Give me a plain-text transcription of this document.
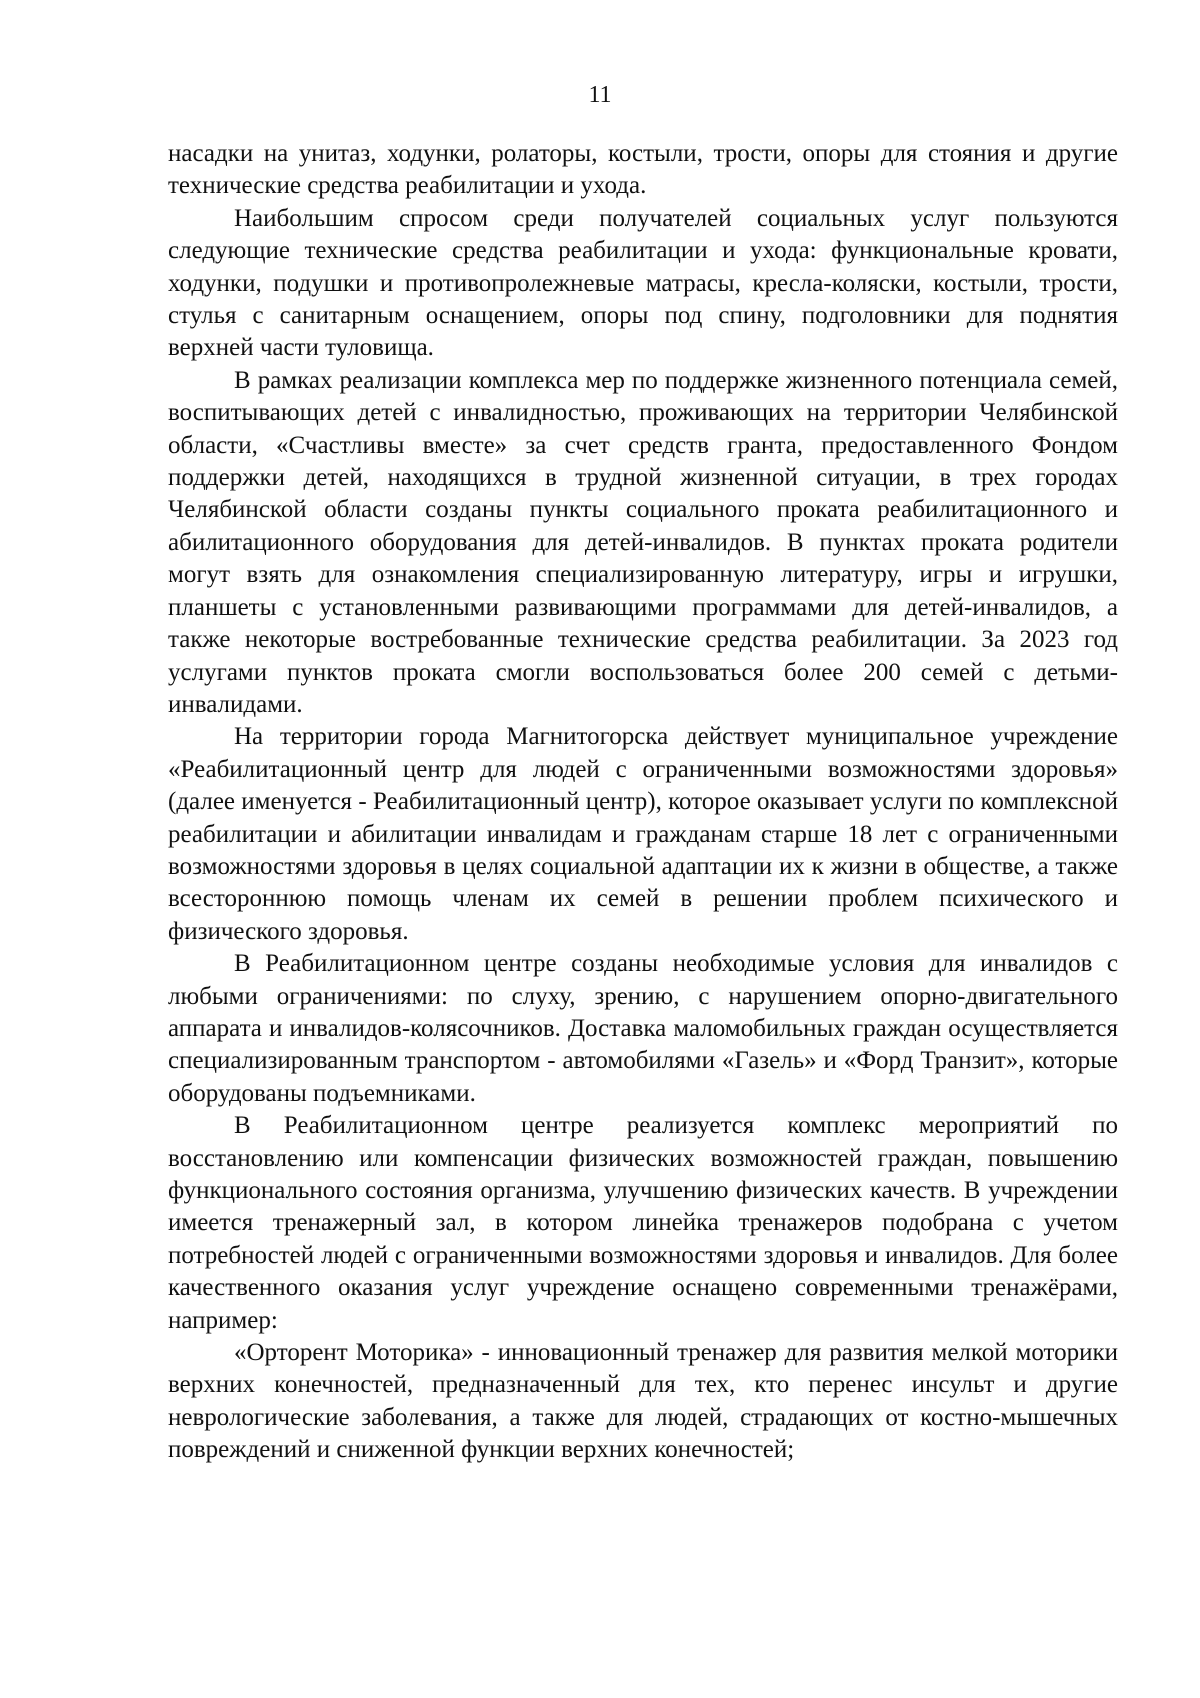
11

насадки на унитаз, ходунки, ролаторы, костыли, трости, опоры для стояния и другие технические средства реабилитации и ухода.

Наибольшим спросом среди получателей социальных услуг пользуются следующие технические средства реабилитации и ухода: функциональные кровати, ходунки, подушки и противопролежневые матрасы, кресла-коляски, костыли, трости, стулья с санитарным оснащением, опоры под спину, подголовники для поднятия верхней части туловища.

В рамках реализации комплекса мер по поддержке жизненного потенциала семей, воспитывающих детей с инвалидностью, проживающих на территории Челябинской области, «Счастливы вместе» за счет средств гранта, предоставленного Фондом поддержки детей, находящихся в трудной жизненной ситуации, в трех городах Челябинской области созданы пункты социального проката реабилитационного и абилитационного оборудования для детей-инвалидов. В пунктах проката родители могут взять для ознакомления специализированную литературу, игры и игрушки, планшеты с установленными развивающими программами для детей-инвалидов, а также некоторые востребованные технические средства реабилитации. За 2023 год услугами пунктов проката смогли воспользоваться более 200 семей с детьми-инвалидами.

На территории города Магнитогорска действует муниципальное учреждение «Реабилитационный центр для людей с ограниченными возможностями здоровья» (далее именуется - Реабилитационный центр), которое оказывает услуги по комплексной реабилитации и абилитации инвалидам и гражданам старше 18 лет с ограниченными возможностями здоровья в целях социальной адаптации их к жизни в обществе, а также всестороннюю помощь членам их семей в решении проблем психического и физического здоровья.

В Реабилитационном центре созданы необходимые условия для инвалидов с любыми ограничениями: по слуху, зрению, с нарушением опорно-двигательного аппарата и инвалидов-колясочников. Доставка маломобильных граждан осуществляется специализированным транспортом - автомобилями «Газель» и «Форд Транзит», которые оборудованы подъемниками.

В Реабилитационном центре реализуется комплекс мероприятий по восстановлению или компенсации физических возможностей граждан, повышению функционального состояния организма, улучшению физических качеств. В учреждении имеется тренажерный зал, в котором линейка тренажеров подобрана с учетом потребностей людей с ограниченными возможностями здоровья и инвалидов. Для более качественного оказания услуг учреждение оснащено современными тренажёрами, например:

«Орторент Моторика» - инновационный тренажер для развития мелкой моторики верхних конечностей, предназначенный для тех, кто перенес инсульт и другие неврологические заболевания, а также для людей, страдающих от костно-мышечных повреждений и сниженной функции верхних конечностей;
